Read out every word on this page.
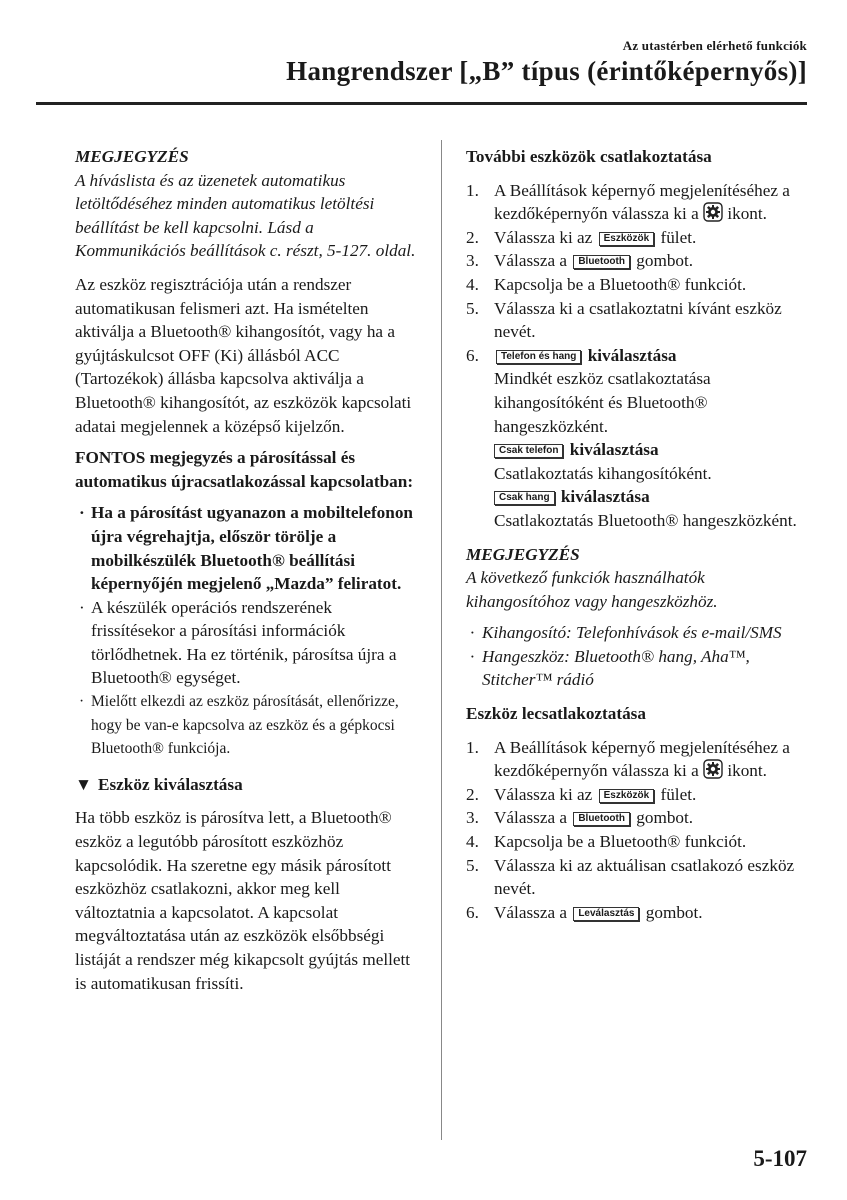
Az utastérben elérhető funkciók
Hangrendszer [„B” típus (érintőképernyős)]
MEGJEGYZÉS
A híváslista és az üzenetek automatikus letöltődéséhez minden automatikus letöltési beállítást be kell kapcsolni. Lásd a Kommunikációs beállítások c. részt, 5-127. oldal.

Az eszköz regisztrációja után a rendszer automatikusan felismeri azt. Ha ismételten aktiválja a Bluetooth® kihangosítót, vagy ha a gyújtáskulcsot OFF (Ki) állásból ACC (Tartozékok) állásba kapcsolva aktiválja a Bluetooth® kihangosítót, az eszközök kapcsolati adatai megjelennek a középső kijelzőn.

FONTOS megjegyzés a párosítással és automatikus újracsatlakozással kapcsolatban:

· Ha a párosítást ugyanazon a mobiltelefonon újra végrehajtja, először törölje a mobilkészülék Bluetooth® beállítási képernyőjén megjelenő „Mazda” feliratot.
· A készülék operációs rendszerének frissítésekor a párosítási információk törlődhetnek. Ha ez történik, párosítsa újra a Bluetooth® egységet.
· Mielőtt elkezdi az eszköz párosítását, ellenőrizze, hogy be van-e kapcsolva az eszköz és a gépkocsi Bluetooth® funkciója.
▼ Eszköz kiválasztása

Ha több eszköz is párosítva lett, a Bluetooth® eszköz a legutóbb párosított eszközhöz kapcsolódik. Ha szeretne egy másik párosított eszközhöz csatlakozni, akkor meg kell változtatnia a kapcsolatot. A kapcsolat megváltoztatása után az eszközök elsőbbségi listáját a rendszer még kikapcsolt gyújtás mellett is automatikusan frissíti.

További eszközök csatlakoztatása
1. A Beállítások képernyő megjelenítéséhez a kezdőképernyőn válassza ki a ikont.
2. Válassza ki az Eszközök fület.
3. Válassza a Bluetooth gombot.
4. Kapcsolja be a Bluetooth® funkciót.
5. Válassza ki a csatlakoztatni kívánt eszköz nevét.
6. Telefon és hang kiválasztása
Mindkét eszköz csatlakoztatása kihangosítóként és Bluetooth® hangeszközként.
Csak telefon kiválasztása
Csatlakoztatás kihangosítóként.
Csak hang kiválasztása
Csatlakoztatás Bluetooth® hangeszközként.
MEGJEGYZÉS
A következő funkciók használhatók kihangosítóhoz vagy hangeszközhöz.
· Kihangosító: Telefonhívások és e-mail/SMS
· Hangeszköz: Bluetooth® hang, Aha™, Stitcher™ rádió
Eszköz lecsatlakoztatása
1. A Beállítások képernyő megjelenítéséhez a kezdőképernyőn válassza ki a ikont.
2. Válassza ki az Eszközök fület.
3. Válassza a Bluetooth gombot.
4. Kapcsolja be a Bluetooth® funkciót.
5. Válassza ki az aktuálisan csatlakozó eszköz nevét.
6. Válassza a Leválasztás gombot.
5-107
